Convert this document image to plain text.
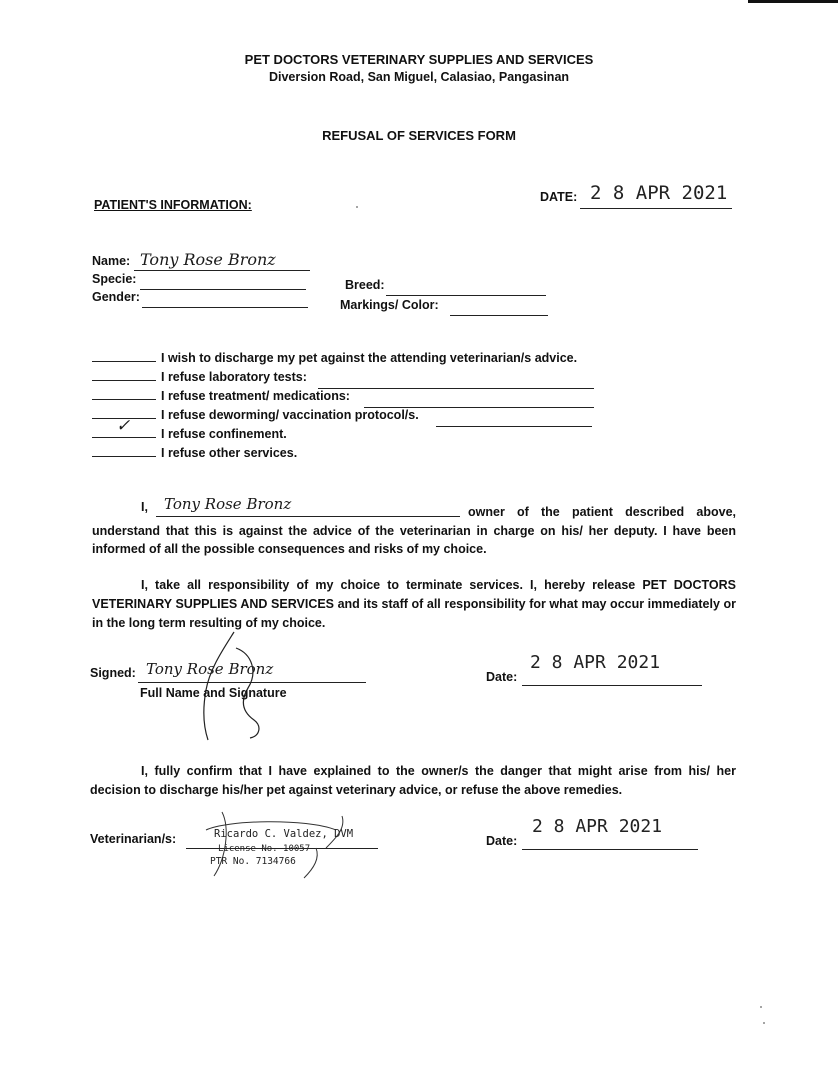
PET DOCTORS VETERINARY SUPPLIES AND SERVICES
Diversion Road, San Miguel, Calasiao, Pangasinan
REFUSAL OF SERVICES FORM
PATIENT'S INFORMATION:
DATE: 2 8 APR 2021
Name: Tony Rose Bronz
Specie:
Gender:
Breed:
Markings/ Color:
I wish to discharge my pet against the attending veterinarian/s advice.
I refuse laboratory tests:
I refuse treatment/ medications:
I refuse deworming/ vaccination protocol/s.
✓ I refuse confinement.
I refuse other services.
I, Tony Rose Bronz	owner of the patient described above,
understand that this is against the advice of the veterinarian in charge on his/ her deputy. I have been informed of all the possible consequences and risks of my choice.
I, take all responsibility of my choice to terminate services. I, hereby release PET DOCTORS VETERINARY SUPPLIES AND SERVICES and its staff of all responsibility for what may occur immediately or in the long term resulting of my choice.
Signed: Tony Rose Bronz
Full Name and Signature
Date:
2 8 APR 2021
I, fully confirm that I have explained to the owner/s the danger that might arise from his/ her decision to discharge his/her pet against veterinary advice, or refuse the above remedies.
Veterinarian/s:	Ricardo C. Valdez, DVM
License No. 10057
PTR No. 7134766
Date:
2 8 APR 2021
